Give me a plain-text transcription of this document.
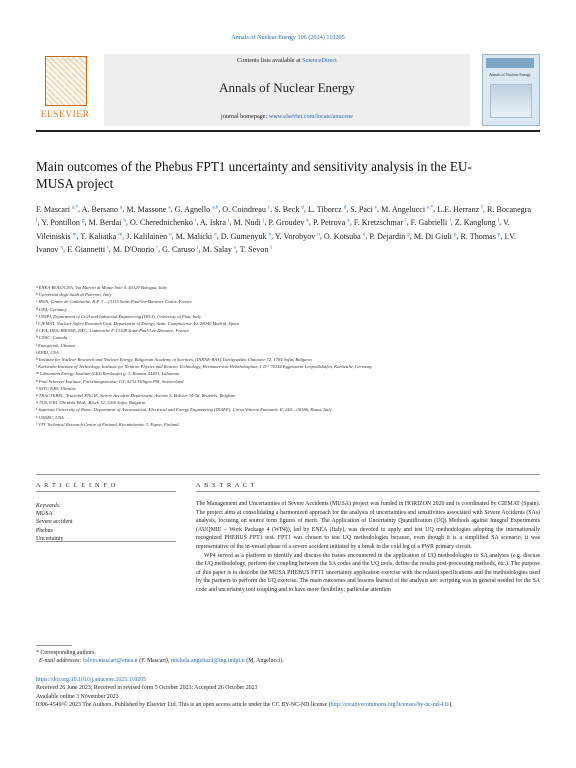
Annals of Nuclear Energy 196 (2024) 110205
ELSEVIER
Contents lists available at ScienceDirect
Annals of Nuclear Energy
journal homepage: www.elsevier.com/locate/anucene
Annals of Nuclear Energy
Main outcomes of the Phebus FPT1 uncertainty and sensitivity analysis in the EU-MUSA project
F. Mascari $^{a,*}$, A. Bersano $^a$, M. Massone $^a$, G. Agnello $^{a,b}$, O. Coindreau $^c$, S. Beck $^d$, L. Tiborcz $^d$, S. Paci $^e$, M. Angelucci $^{e,*}$, L.E. Herranz $^f$, R. Bocanegra $^f$, Y. Pontillon $^g$, M. Berdai $^h$, O. Cherednichenko $^i$, A. Iskra $^i$, M. Nudi $^j$, P. Groudev $^k$, P. Petrova $^k$, F. Kretzschmar $^l$, F. Gabrielli $^l$, Z. Kanglong $^l$, V. Vileiniskis $^m$, T. Kaliatka $^m$, J. Kalilainen $^n$, M. Malicki $^n$, D. Gumenyuk $^o$, Y. Vorobyov $^o$, O. Kotsuba $^o$, P. Dejardin $^p$, M. Di Giuli $^p$, R. Thomas $^p$, I.V. Ivanov $^q$, F. Giannetti $^r$, M. D'Onorio $^r$, G. Caruso $^r$, M. Salay $^s$, T. Sevon $^t$
$^a$ENEA-BOLOGNA, Via Martiri di Monte Sole 4, 40129 Bologna, Italy
$^b$Università degli Studi di Palermo, Italy
$^c$IRSN, Centre de Cadarache, B.P. 3 – 13115 Saint-Paul-lez-Durance Cedex, France
$^d$GRS, Germany
$^e$UNIPI, Department of Civil and Industrial Engineering (DICI), University of Pisa, Italy
$^f$CIEMAT, Nuclear Safety Research Unit, Department of Energy, Avda. Complutense 40, 28040 Madrid, Spain
$^g$CEA, DES, IRESNE, DEC, Cadarache F-13108 Saint-Paul-Lez-Durance, France
$^h$CNSC, Canada
$^i$Energorisk, Ukraine
$^j$EPRI, USA
$^k$Institute for Nuclear Research and Nuclear Energy, Bulgarian Academy of Sciences, (INRNE-BAS) Tzarigradsko Chaussee 72, 1784 Sofia, Bulgaria
$^l$Karlsruhe Institute of Technology, Institute for Neutron Physics and Reactor Technology, Hermann-von-Helmholtzplatz, 1 D - 76344 Eggenstein-Leopoldshafen, Karlsruhe, Germany
$^m$Lithuanian Energy Institute (LEI) Breslaujos g. 3, Kaunas 44403, Lithuania
$^n$Paul Scherrer Institute, Forschungsstrasse 111, 5232 Villigen PSI, Switzerland
$^o$SSTC NRS, Ukraine
$^p$TRACTEBEL, Tractebel ENGIE, Severe Accident Department, Avenue S. Bolivar 34-36, Brussels, Belgium
$^q$TUS, 8 Kl. Ohridski Blvd., Block 12, 1000 Sofia, Bulgaria
$^r$Sapienza University of Rome, Department of Astronautical, Electrical and Energy Engineering (DIAEE), Corso Vittorio Emanuele II, 244 – 00186, Roma, Italy
$^s$USNRC, USA
$^t$VTT Technical Research Centre of Finland, Kivimiehentie 3, Espoo, Finland
A R T I C L E I N F O
Keywords:
MUSA
Severe accident
Phebus
Uncertainty
A B S T R A C T

The Management and Uncertainties of Severe Accidents (MUSA) project was funded in HORIZON 2020 and is coordinated by CIEMAT (Spain). The project aims at consolidating a harmonized approach for the analysis of uncertainties and sensitivities associated with Severe Accidents (SAs) analysis, focusing on source term figures of merit. The Application of Uncertainty Quantification (UQ) Methods against Integral Experiments (AUQMIE – Work Package 4 (WP4)), led by ENEA (Italy), was devoted to apply and test UQ methodologies adopting the internationally recognized PHEBUS FPT1 test. FPT1 was chosen to test UQ methodologies because, even though it is a simplified SA scenario, it was representative of the in-vessel phase of a severe accident initiated by a break in the cold leg of a PWR primary circuit.

WP4 served as a platform to identify and discuss the issues encountered in the application of UQ methodologies to SA analyses (e.g. discuss the UQ methodology, perform the coupling between the SA codes and the UQ tools, define the results post-processing methods, etc.). The purpose of this paper is to describe the MUSA PHEBUS FPT1 uncertainty application exercise with the related specifications and the methodologies used by the partners to perform the UQ exercise. The main outcomes and lessons learned of the analysis are: scripting was in general needed for the SA code and uncertainty tool coupling and to have more flexibility; particular attention

* Corresponding authors.
E-mail addresses: fulvio.mascari@enea.it (F. Mascari), michela.angelucci@ing.unipi.it (M. Angelucci).
https://doi.org/10.1016/j.anucene.2023.110205
Received 26 June 2023; Received in revised form 5 October 2023; Accepted 26 October 2023
Available online 3 November 2023
0306-4549/© 2023 The Authors. Published by Elsevier Ltd. This is an open access article under the CC BY-NC-ND license (http://creativecommons.org/licenses/by-nc-nd/4.0/).
